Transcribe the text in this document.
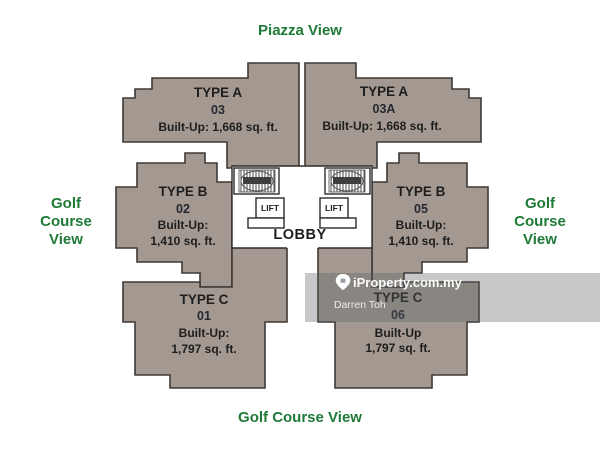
TYPE A
03
Built-Up: 1,668 sq. ft.
TYPE A
03A
Built-Up: 1,668 sq. ft.
TYPE B
02
Built-Up:
1,410 sq. ft.
TYPE B
05
Built-Up:
1,410 sq. ft.
TYPE C
01
Built-Up:
1,797 sq. ft.
Built-Up
1,797 sq. ft.
LIFT	LIFT
LOBBY
Piazza View
Golf
Course
View
Golf
Course
View
Golf Course View
iProperty.com.my
Darren Toh
